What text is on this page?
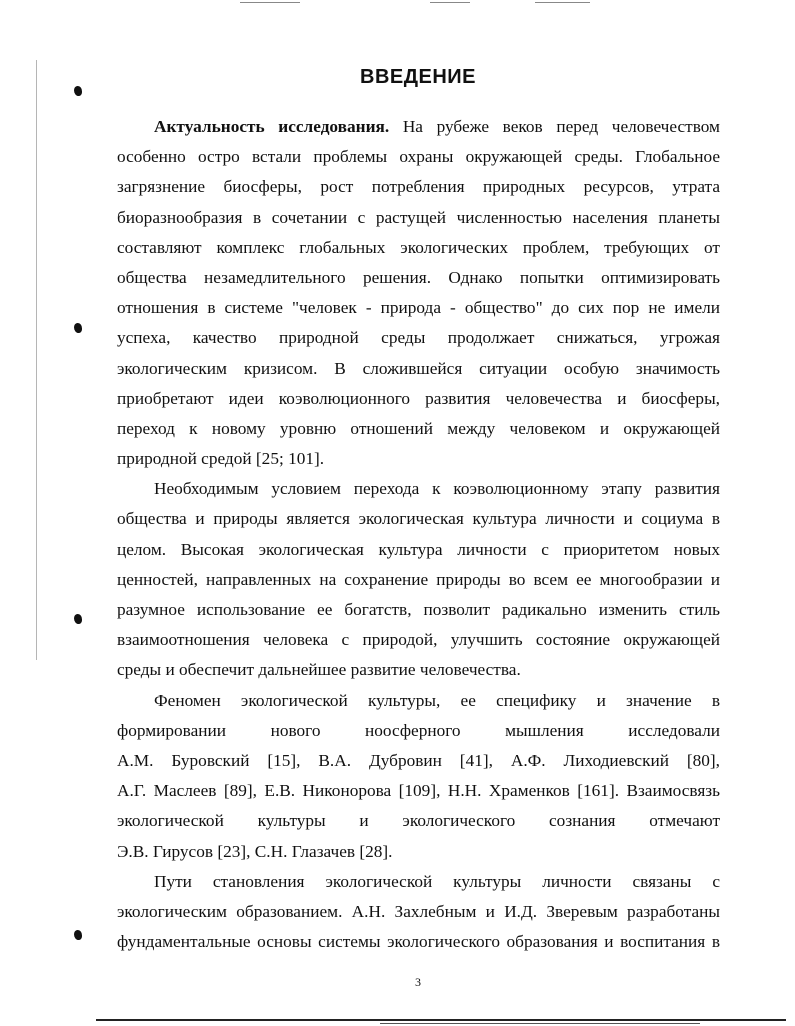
ВВЕДЕНИЕ

Актуальность исследования. На рубеже веков перед человечеством
особенно остро встали проблемы охраны окружающей среды. Глобальное
загрязнение биосферы, рост потребления природных ресурсов, утрата
биоразнообразия в сочетании с растущей численностью населения планеты
составляют комплекс глобальных экологических проблем, требующих от
общества незамедлительного решения. Однако попытки оптимизировать
отношения в системе "человек - природа - общество" до сих пор не имели
успеха, качество природной среды продолжает снижаться, угрожая
экологическим кризисом. В сложившейся ситуации особую значимость
приобретают идеи коэволюционного развития человечества и биосферы,
переход к новому уровню отношений между человеком и окружающей
природной средой [25; 101].

Необходимым условием перехода к коэволюционному этапу развития
общества и природы является экологическая культура личности и социума в
целом. Высокая экологическая культура личности с приоритетом новых
ценностей, направленных на сохранение природы во всем ее многообразии и
разумное использование ее богатств, позволит радикально изменить стиль
взаимоотношения человека с природой, улучшить состояние окружающей
среды и обеспечит дальнейшее развитие человечества.

Феномен экологической культуры, ее специфику и значение в
формировании нового ноосферного мышления исследовали
А.М. Буровский [15], В.А. Дубровин [41], А.Ф. Лиходиевский [80],
А.Г. Маслеев [89], Е.В. Никонорова [109], Н.Н. Храменков [161]. Взаимосвязь
экологической культуры и экологического сознания отмечают
Э.В. Гирусов [23], С.Н. Глазачев [28].

Пути становления экологической культуры личности связаны с
экологическим образованием. А.Н. Захлебным и И.Д. Зверевым разработаны
фундаментальные основы системы экологического образования и воспитания в

3
